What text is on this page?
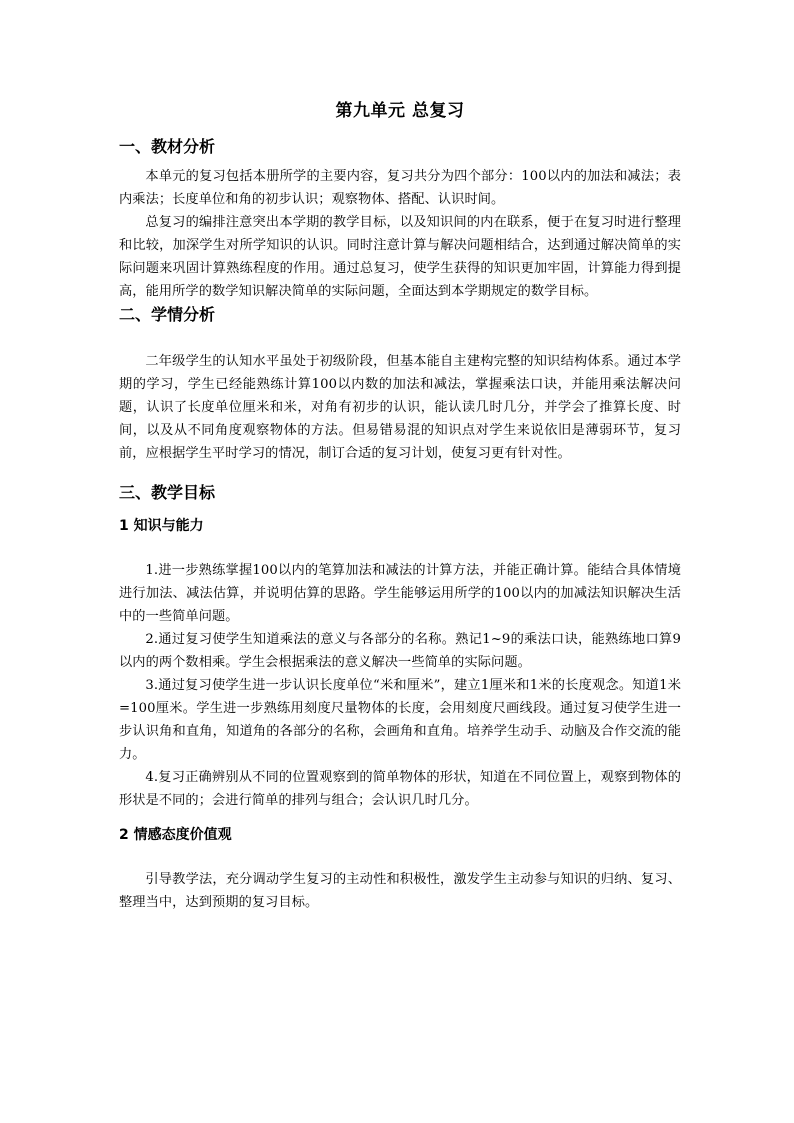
第九单元 总复习
一、教材分析

本单元的复习包括本册所学的主要内容，复习共分为四个部分：100以内的加法和减法；表内乘法；长度单位和角的初步认识；观察物体、搭配、认识时间。

总复习的编排注意突出本学期的教学目标，以及知识间的内在联系，便于在复习时进行整理和比较，加深学生对所学知识的认识。同时注意计算与解决问题相结合，达到通过解决简单的实际问题来巩固计算熟练程度的作用。通过总复习，使学生获得的知识更加牢固，计算能力得到提高，能用所学的数学知识解决简单的实际问题，全面达到本学期规定的数学目标。

二、学情分析

二年级学生的认知水平虽处于初级阶段，但基本能自主建构完整的知识结构体系。通过本学期的学习，学生已经能熟练计算100以内数的加法和减法，掌握乘法口诀，并能用乘法解决问题，认识了长度单位厘米和米，对角有初步的认识，能认读几时几分，并学会了推算长度、时间，以及从不同角度观察物体的方法。但易错易混的知识点对学生来说依旧是薄弱环节，复习前，应根据学生平时学习的情况，制订合适的复习计划，使复习更有针对性。

三、教学目标
1 知识与能力

1.进一步熟练掌握100以内的笔算加法和减法的计算方法，并能正确计算。能结合具体情境进行加法、减法估算，并说明估算的思路。学生能够运用所学的100以内的加减法知识解决生活中的一些简单问题。

2.通过复习使学生知道乘法的意义与各部分的名称。熟记1~9的乘法口诀，能熟练地口算9以内的两个数相乘。学生会根据乘法的意义解决一些简单的实际问题。

3.通过复习使学生进一步认识长度单位“米和厘米”，建立1厘米和1米的长度观念。知道1米=100厘米。学生进一步熟练用刻度尺量物体的长度，会用刻度尺画线段。通过复习使学生进一步认识角和直角，知道角的各部分的名称，会画角和直角。培养学生动手、动脑及合作交流的能力。

4.复习正确辨别从不同的位置观察到的简单物体的形状，知道在不同位置上，观察到物体的形状是不同的；会进行简单的排列与组合；会认识几时几分。

2 情感态度价值观

引导教学法，充分调动学生复习的主动性和积极性，激发学生主动参与知识的归纳、复习、整理当中，达到预期的复习目标。
